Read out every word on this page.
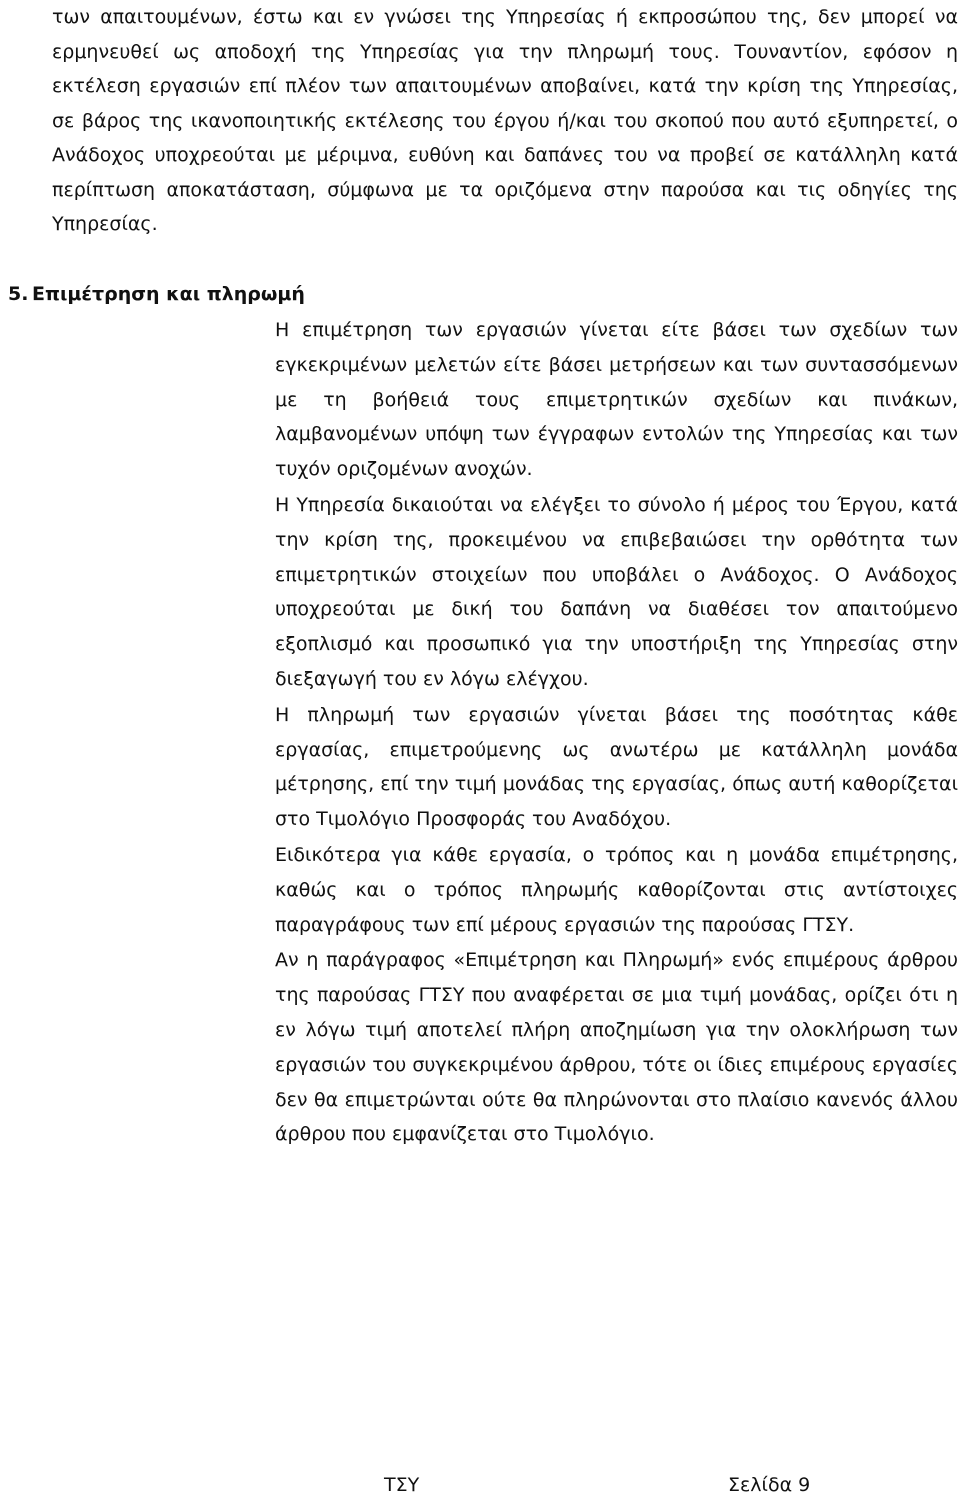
των απαιτουμένων, έστω και εν γνώσει της Υπηρεσίας ή εκπροσώπου της, δεν μπορεί να ερμηνευθεί ως αποδοχή της Υπηρεσίας για την πληρωμή τους. Τουναντίον, εφόσον η εκτέλεση εργασιών επί πλέον των απαιτουμένων αποβαίνει, κατά την κρίση της Υπηρεσίας, σε βάρος της ικανοποιητικής εκτέλεσης του έργου ή/και του σκοπού που αυτό εξυπηρετεί, ο Ανάδοχος υποχρεούται με μέριμνα, ευθύνη και δαπάνες του να προβεί σε κατάλληλη κατά περίπτωση αποκατάσταση, σύμφωνα με τα οριζόμενα στην παρούσα και τις οδηγίες της Υπηρεσίας.

5. Επιμέτρηση και πληρωμή

Η επιμέτρηση των εργασιών γίνεται είτε βάσει των σχεδίων των εγκεκριμένων μελετών είτε βάσει μετρήσεων και των συντασσόμενων με τη βοήθειά τους επιμετρητικών σχεδίων και πινάκων, λαμβανομένων υπόψη των έγγραφων εντολών της Υπηρεσίας και των τυχόν οριζομένων ανοχών.

Η Υπηρεσία δικαιούται να ελέγξει το σύνολο ή μέρος του Έργου, κατά την κρίση της, προκειμένου να επιβεβαιώσει την ορθότητα των επιμετρητικών στοιχείων που υποβάλει ο Ανάδοχος. Ο Ανάδοχος υποχρεούται με δική του δαπάνη να διαθέσει τον απαιτούμενο εξοπλισμό και προσωπικό για την υποστήριξη της Υπηρεσίας στην διεξαγωγή του εν λόγω ελέγχου.

Η πληρωμή των εργασιών γίνεται βάσει της ποσότητας κάθε εργασίας, επιμετρούμενης ως ανωτέρω με κατάλληλη μονάδα μέτρησης, επί την τιμή μονάδας της εργασίας, όπως αυτή καθορίζεται στο Τιμολόγιο Προσφοράς του Αναδόχου.

Ειδικότερα για κάθε εργασία, ο τρόπος και η μονάδα επιμέτρησης, καθώς και ο τρόπος πληρωμής καθορίζονται στις αντίστοιχες παραγράφους των επί μέρους εργασιών της παρούσας ΓΤΣΥ.

Αν η παράγραφος «Επιμέτρηση και Πληρωμή» ενός επιμέρους άρθρου της παρούσας ΓΤΣΥ που αναφέρεται σε μια τιμή μονάδας, ορίζει ότι η εν λόγω τιμή αποτελεί πλήρη αποζημίωση για την ολοκλήρωση των εργασιών του συγκεκριμένου άρθρου, τότε οι ίδιες επιμέρους εργασίες δεν θα επιμετρώνται ούτε θα πληρώνονται στο πλαίσιο κανενός άλλου άρθρου που εμφανίζεται στο Τιμολόγιο.

ΤΣΥ	Σελίδα 9
